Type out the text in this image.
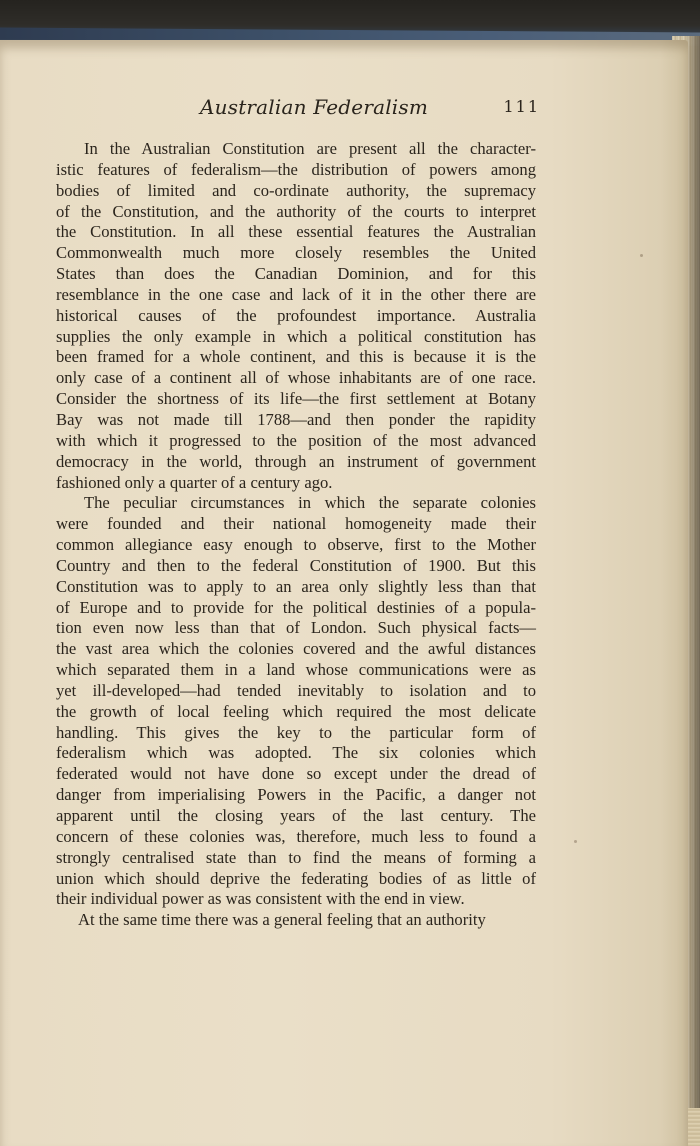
Australian Federalism	111
In the Australian Constitution are present all the character-
istic features of federalism—the distribution of powers among
bodies of limited and co-ordinate authority, the supremacy
of the Constitution, and the authority of the courts to interpret
the Constitution. In all these essential features the Australian
Commonwealth much more closely resembles the United
States than does the Canadian Dominion, and for this
resemblance in the one case and lack of it in the other there are
historical causes of the profoundest importance. Australia
supplies the only example in which a political constitution has
been framed for a whole continent, and this is because it is the
only case of a continent all of whose inhabitants are of one race.
Consider the shortness of its life—the first settlement at Botany
Bay was not made till 1788—and then ponder the rapidity
with which it progressed to the position of the most advanced
democracy in the world, through an instrument of government
fashioned only a quarter of a century ago.
The peculiar circumstances in which the separate colonies
were founded and their national homogeneity made their
common allegiance easy enough to observe, first to the Mother
Country and then to the federal Constitution of 1900. But this
Constitution was to apply to an area only slightly less than that
of Europe and to provide for the political destinies of a popula-
tion even now less than that of London. Such physical facts—
the vast area which the colonies covered and the awful distances
which separated them in a land whose communications were as
yet ill-developed—had tended inevitably to isolation and to
the growth of local feeling which required the most delicate
handling. This gives the key to the particular form of
federalism which was adopted. The six colonies which
federated would not have done so except under the dread of
danger from imperialising Powers in the Pacific, a danger not
apparent until the closing years of the last century. The
concern of these colonies was, therefore, much less to found a
strongly centralised state than to find the means of forming a
union which should deprive the federating bodies of as little of
their individual power as was consistent with the end in view.
At the same time there was a general feeling that an authority
